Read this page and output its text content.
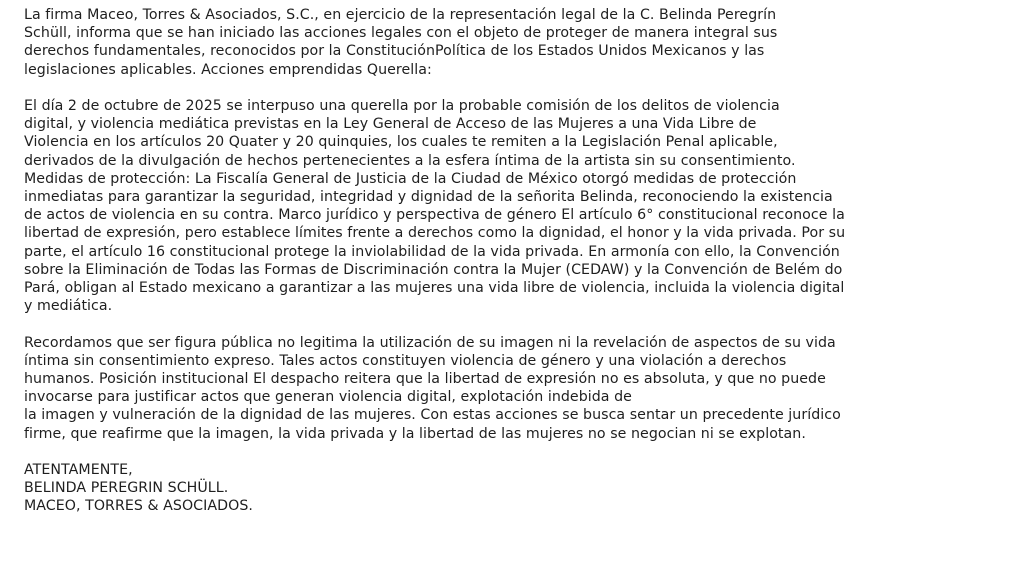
La firma Maceo, Torres & Asociados, S.C., en ejercicio de la representación legal de la C. Belinda Peregrín
Schüll, informa que se han iniciado las acciones legales con el objeto de proteger de manera integral sus
derechos fundamentales, reconocidos por la ConstituciónPolítica de los Estados Unidos Mexicanos y las
legislaciones aplicables. Acciones emprendidas Querella:
El día 2 de octubre de 2025 se interpuso una querella por la probable comisión de los delitos de violencia
digital, y violencia mediática previstas en la Ley General de Acceso de las Mujeres a una Vida Libre de
Violencia en los artículos 20 Quater y 20 quinquies, los cuales te remiten a la Legislación Penal aplicable,
derivados de la divulgación de hechos pertenecientes a la esfera íntima de la artista sin su consentimiento.
Medidas de protección: La Fiscalía General de Justicia de la Ciudad de México otorgó medidas de protección
inmediatas para garantizar la seguridad, integridad y dignidad de la señorita Belinda, reconociendo la existencia
de actos de violencia en su contra. Marco jurídico y perspectiva de género El artículo 6° constitucional reconoce la
libertad de expresión, pero establece límites frente a derechos como la dignidad, el honor y la vida privada. Por su
parte, el artículo 16 constitucional protege la inviolabilidad de la vida privada. En armonía con ello, la Convención
sobre la Eliminación de Todas las Formas de Discriminación contra la Mujer (CEDAW) y la Convención de Belém do
Pará, obligan al Estado mexicano a garantizar a las mujeres una vida libre de violencia, incluida la violencia digital
y mediática.
Recordamos que ser figura pública no legitima la utilización de su imagen ni la revelación de aspectos de su vida
íntima sin consentimiento expreso. Tales actos constituyen violencia de género y una violación a derechos
humanos. Posición institucional El despacho reitera que la libertad de expresión no es absoluta, y que no puede
invocarse para justificar actos que generan violencia digital, explotación indebida de
la imagen y vulneración de la dignidad de las mujeres. Con estas acciones se busca sentar un precedente jurídico
firme, que reafirme que la imagen, la vida privada y la libertad de las mujeres no se negocian ni se explotan.
ATENTAMENTE,
BELINDA PEREGRIN SCHÜLL.
MACEO, TORRES & ASOCIADOS.
